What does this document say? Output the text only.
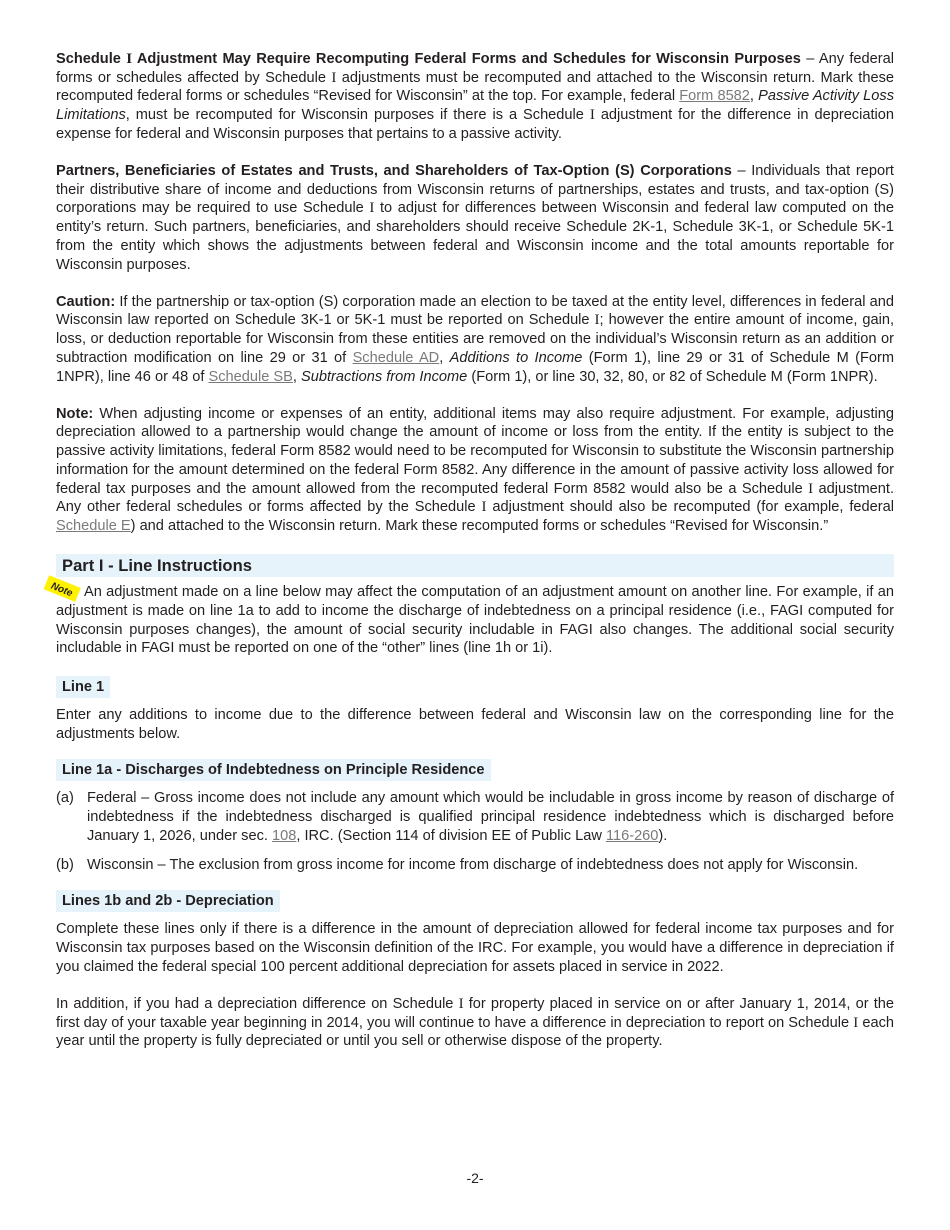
Schedule I Adjustment May Require Recomputing Federal Forms and Schedules for Wisconsin Purposes – Any federal forms or schedules affected by Schedule I adjustments must be recomputed and attached to the Wisconsin return. Mark these recomputed federal forms or schedules “Revised for Wisconsin” at the top. For example, federal Form 8582, Passive Activity Loss Limitations, must be recomputed for Wisconsin purposes if there is a Schedule I adjustment for the difference in depreciation expense for federal and Wisconsin purposes that pertains to a passive activity.

Partners, Beneficiaries of Estates and Trusts, and Shareholders of Tax-Option (S) Corporations – Individuals that report their distributive share of income and deductions from Wisconsin returns of partnerships, estates and trusts, and tax-option (S) corporations may be required to use Schedule I to adjust for differences between Wisconsin and federal law computed on the entity’s return. Such partners, beneficiaries, and shareholders should receive Schedule 2K-1, Schedule 3K-1, or Schedule 5K-1 from the entity which shows the adjustments between federal and Wisconsin income and the total amounts reportable for Wisconsin purposes.

Caution: If the partnership or tax-option (S) corporation made an election to be taxed at the entity level, differences in federal and Wisconsin law reported on Schedule 3K-1 or 5K-1 must be reported on Schedule I; however the entire amount of income, gain, loss, or deduction reportable for Wisconsin from these entities are removed on the individual’s Wisconsin return as an addition or subtraction modification on line 29 or 31 of Schedule AD, Additions to Income (Form 1), line 29 or 31 of Schedule M (Form 1NPR), line 46 or 48 of Schedule SB, Subtractions from Income (Form 1), or line 30, 32, 80, or 82 of Schedule M (Form 1NPR).

Note: When adjusting income or expenses of an entity, additional items may also require adjustment. For example, adjusting depreciation allowed to a partnership would change the amount of income or loss from the entity. If the entity is subject to the passive activity limitations, federal Form 8582 would need to be recomputed for Wisconsin to substitute the Wisconsin partnership information for the amount determined on the federal Form 8582. Any difference in the amount of passive activity loss allowed for federal tax purposes and the amount allowed from the recomputed federal Form 8582 would also be a Schedule I adjustment. Any other federal schedules or forms affected by the Schedule I adjustment should also be recomputed (for example, federal Schedule E) and attached to the Wisconsin return. Mark these recomputed forms or schedules “Revised for Wisconsin.”

Part I - Line Instructions

Note An adjustment made on a line below may affect the computation of an adjustment amount on another line. For example, if an adjustment is made on line 1a to add to income the discharge of indebtedness on a principal residence (i.e., FAGI computed for Wisconsin purposes changes), the amount of social security includable in FAGI also changes. The additional social security includable in FAGI must be reported on one of the “other” lines (line 1h or 1i).

Line 1

Enter any additions to income due to the difference between federal and Wisconsin law on the corresponding line for the adjustments below.

Line 1a - Discharges of Indebtedness on Principle Residence

(a) Federal – Gross income does not include any amount which would be includable in gross income by reason of discharge of indebtedness if the indebtedness discharged is qualified principal residence indebtedness which is discharged before January 1, 2026, under sec. 108, IRC. (Section 114 of division EE of Public Law 116-260).

(b) Wisconsin – The exclusion from gross income for income from discharge of indebtedness does not apply for Wisconsin.

Lines 1b and 2b - Depreciation

Complete these lines only if there is a difference in the amount of depreciation allowed for federal income tax purposes and for Wisconsin tax purposes based on the Wisconsin definition of the IRC. For example, you would have a difference in depreciation if you claimed the federal special 100 percent additional depreciation for assets placed in service in 2022.

In addition, if you had a depreciation difference on Schedule I for property placed in service on or after January 1, 2014, or the first day of your taxable year beginning in 2014, you will continue to have a difference in depreciation to report on Schedule I each year until the property is fully depreciated or until you sell or otherwise dispose of the property.

-2-
